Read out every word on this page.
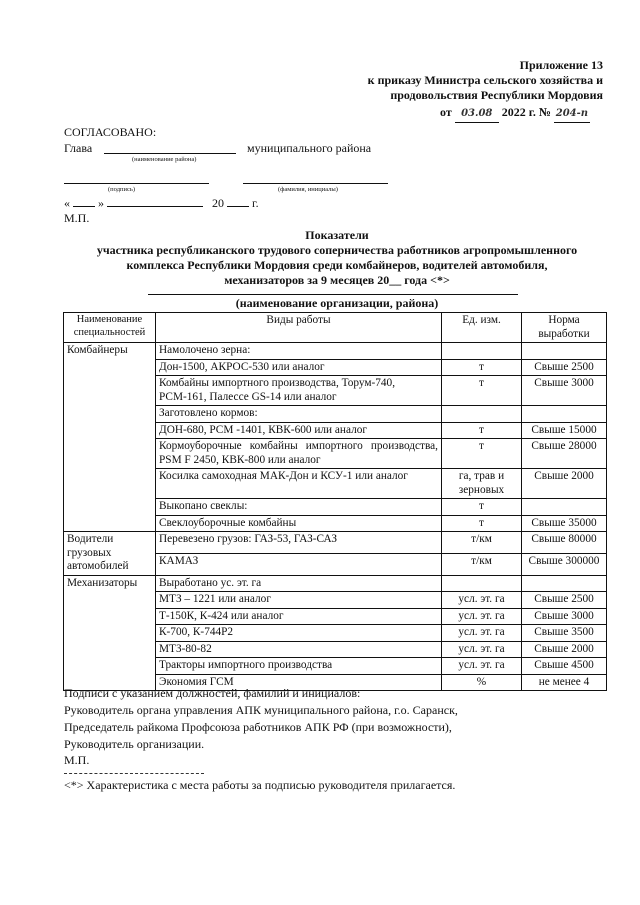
Приложение 13
к приказу Министра сельского хозяйства и
продовольствия Республики Мордовия
от 03.08 2022 г. № 204-п
СОГЛАСОВАНО:
Глава	муниципального района
(наименование района)
(подпись)	(фамилия, инициалы)
« »	20 г.
М.П.
Показатели
участника республиканского трудового соперничества работников агропромышленного
комплекса Республики Мордовия среди комбайнеров, водителей автомобиля,
механизаторов за 9 месяцев 20__ года <*>
(наименование организации, района)
Наименование специальностей	Виды работы	Ед. изм.	Норма выработки
Комбайнеры	Намолочено зерна:		
	Дон-1500, АКРОС-530 или аналог	т	Свыше 2500
	Комбайны импортного производства, Торум-740, РСМ-161, Палессе GS-14 или аналог	т	Свыше 3000
	Заготовлено кормов:		
	ДОН-680, РСМ -1401, КВК-600 или аналог	т	Свыше 15000
	Кормоуборочные комбайны импортного производства, PSM F 2450, КВК-800 или аналог	т	Свыше 28000
	Косилка самоходная МАК-Дон и КСУ-1 или аналог	га, трав и зерновых	Свыше 2000
	Выкопано свеклы:	т	
	Свеклоуборочные комбайны	т	Свыше 35000
Водители грузовых автомобилей	Перевезено грузов: ГАЗ-53, ГАЗ-САЗ	т/км	Свыше 80000
	КАМАЗ	т/км	Свыше 300000
Механизаторы	Выработано ус. эт. га		
	МТЗ – 1221 или аналог	усл. эт. га	Свыше 2500
	Т-150К, К-424 или аналог	усл. эт. га	Свыше 3000
	К-700, К-744Р2	усл. эт. га	Свыше 3500
	МТЗ-80-82	усл. эт. га	Свыше 2000
	Тракторы импортного производства	усл. эт. га	Свыше 4500
	Экономия ГСМ	%	не менее 4
Подписи с указанием должностей, фамилий и инициалов:
Руководитель органа управления АПК муниципального района, г.о. Саранск,
Председатель райкома Профсоюза работников АПК РФ (при возможности),
Руководитель организации.
М.П.
<*> Характеристика с места работы за подписью руководителя прилагается.
